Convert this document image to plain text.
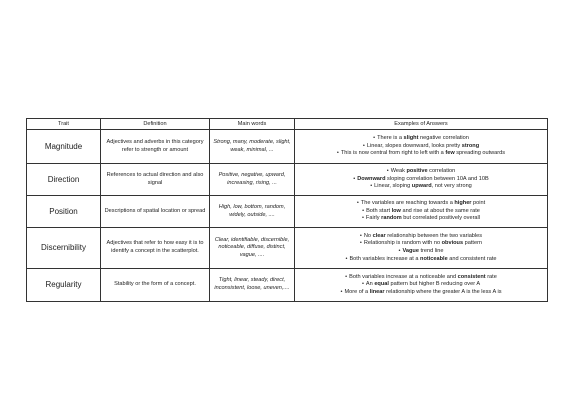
Trait	Definition	Main words	Examples of Answers
Magnitude	Adjectives and adverbs in this category refer to strength or amount	Strong, many, moderate, slight, weak, minimal, ...	• There is a slight negative correlation
• Linear, slopes downward, looks pretty strong
• This is now central from right to left with a few spreading outwards

Direction	References to actual direction and also signal	Positive, negative, upward, increasing, rising, ...	• Weak positive correlation
• Downward sloping correlation between 10A and 10B
• Linear, sloping upward, not very strong

Position	Descriptions of spatial location or spread	High, low, bottom, random, widely, outside, ....	• The variables are reaching towards a higher point
• Both start low and rise at about the same rate
• Fairly random but correlated positively overall

Discernibility	Adjectives that refer to how easy it is to identify a concept in the scatterplot.	Clear, identifiable, discernible, noticeable, diffuse, distinct, vague, ....	• No clear relationship between the two variables
• Relationship is random with no obvious pattern
• Vague trend line
• Both variables increase at a noticeable and consistent rate

Regularity	Stability or the form of a concept.	Tight, linear, steady, direct, inconsistent, loose, uneven,....	• Both variables increase at a noticeable and consistent rate
• An equal pattern but higher B reducing over A
• More of a linear relationship where the greater A is the less A is
